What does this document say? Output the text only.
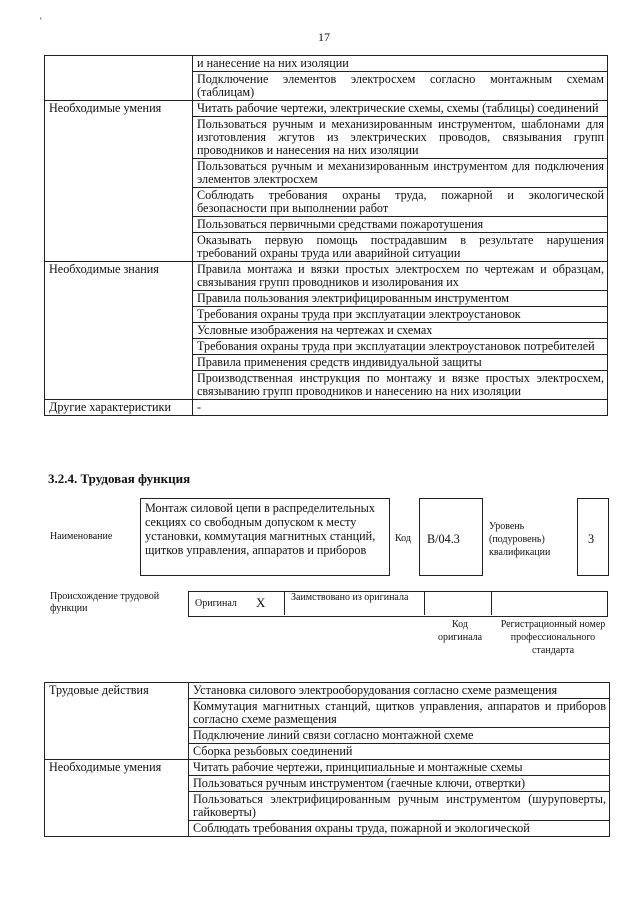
'
17
	и нанесение на них изоляции
	Подключение элементов электросхем согласно монтажным схемам (таблицам)
Необходимые умения	Читать рабочие чертежи, электрические схемы, схемы (таблицы) соединений
	Пользоваться ручным и механизированным инструментом, шаблонами для изготовления жгутов из электрических проводов, связывания групп проводников и нанесения на них изоляции
	Пользоваться ручным и механизированным инструментом для подключения элементов электросхем
	Соблюдать требования охраны труда, пожарной и экологической безопасности при выполнении работ
	Пользоваться первичными средствами пожаротушения
	Оказывать первую помощь пострадавшим в результате нарушения требований охраны труда или аварийной ситуации
Необходимые знания	Правила монтажа и вязки простых электросхем по чертежам и образцам, связывания групп проводников и изолирования их
	Правила пользования электрифицированным инструментом
	Требования охраны труда при эксплуатации электроустановок
	Условные изображения на чертежах и схемах
	Требования охраны труда при эксплуатации электроустановок потребителей
	Правила применения средств индивидуальной защиты
	Производственная инструкция по монтажу и вязке простых электросхем, связыванию групп проводников и нанесению на них изоляции
Другие характеристики	-
3.2.4. Трудовая функция
Наименование
Монтаж силовой цепи в распределительных секциях со свободным допуском к месту установки, коммутация магнитных станций, щитков управления, аппаратов и приборов
Код B/04.3
Уровень (подуровень) квалификации
3
Происхождение трудовой функции	Оригинал X	Заимствовано из оригинала
Код оригинала
Регистрационный номер профессионального стандарта
Трудовые действия	Установка силового электрооборудования согласно схеме размещения
	Коммутация магнитных станций, щитков управления, аппаратов и приборов согласно схеме размещения
	Подключение линий связи согласно монтажной схеме
	Сборка резьбовых соединений
Необходимые умения	Читать рабочие чертежи, принципиальные и монтажные схемы
	Пользоваться ручным инструментом (гаечные ключи, отвертки)
	Пользоваться электрифицированным ручным инструментом (шуруповерты, гайковерты)
	Соблюдать требования охраны труда, пожарной и экологической
